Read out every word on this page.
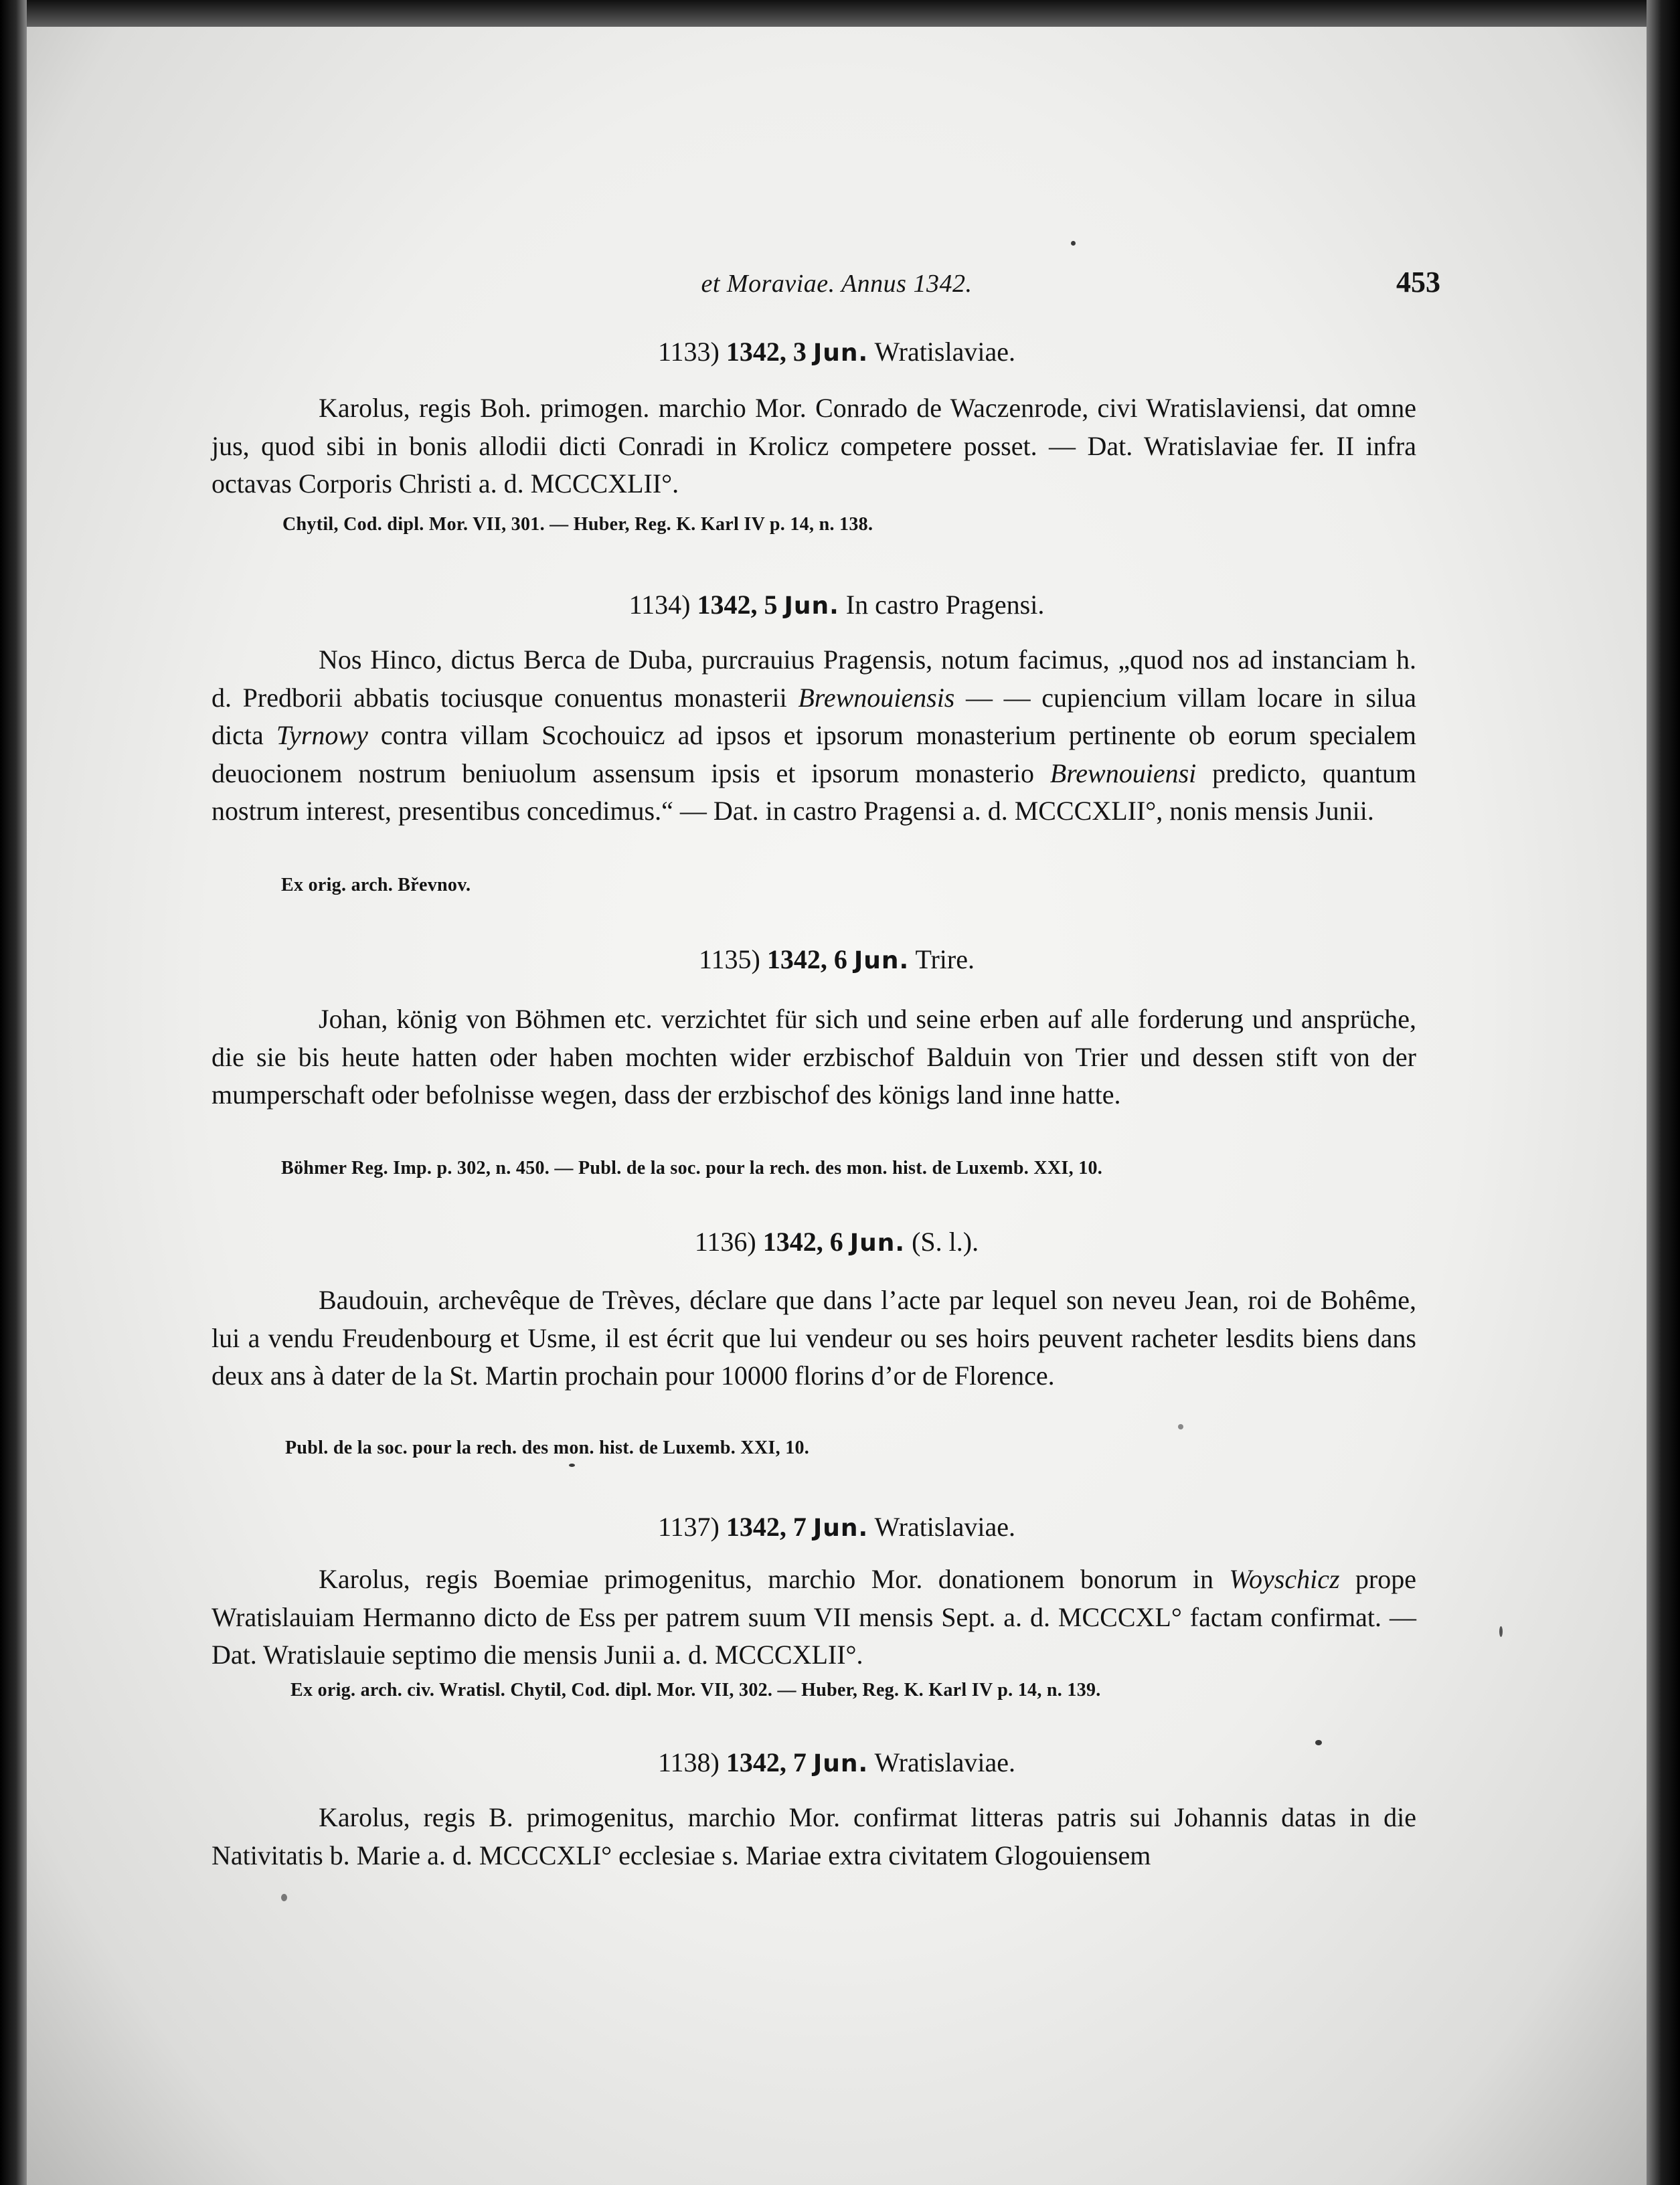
et Moraviae. Annus 1342.	453
1133) 1342, 3 Jun. Wratislaviae.
Karolus, regis Boh. primogen. marchio Mor. Conrado de Waczenrode, civi Wratislaviensi, dat omne jus, quod sibi in bonis allodii dicti Conradi in Krolicz competere posset. — Dat. Wratislaviae fer. II infra octavas Corporis Christi a. d. MCCCXLII°.
Chytil, Cod. dipl. Mor. VII, 301. — Huber, Reg. K. Karl IV p. 14, n. 138.
1134) 1342, 5 Jun. In castro Pragensi.
Nos Hinco, dictus Berca de Duba, purcrauius Pragensis, notum facimus, „quod nos ad instanciam h. d. Predborii abbatis tociusque conuentus monasterii Brewnouiensis — — cupiencium villam locare in silua dicta Tyrnowy contra villam Scochouicz ad ipsos et ipsorum monasterium pertinente ob eorum specialem deuocionem nostrum beniuolum assensum ipsis et ipsorum monasterio Brewnouiensi predicto, quantum nostrum interest, presentibus concedimus.“ — Dat. in castro Pragensi a. d. MCCCXLII°, nonis mensis Junii.
Ex orig. arch. Břevnov.
1135) 1342, 6 Jun. Trire.
Johan, könig von Böhmen etc. verzichtet für sich und seine erben auf alle forderung und ansprüche, die sie bis heute hatten oder haben mochten wider erzbischof Balduin von Trier und dessen stift von der mumperschaft oder befolnisse wegen, dass der erzbischof des königs land inne hatte.
Böhmer Reg. Imp. p. 302, n. 450. — Publ. de la soc. pour la rech. des mon. hist. de Luxemb. XXI, 10.
1136) 1342, 6 Jun. (S. l.).
Baudouin, archevêque de Trèves, déclare que dans l’acte par lequel son neveu Jean, roi de Bohême, lui a vendu Freudenbourg et Usme, il est écrit que lui vendeur ou ses hoirs peuvent racheter lesdits biens dans deux ans à dater de la St. Martin prochain pour 10000 florins d’or de Florence.
Publ. de la soc. pour la rech. des mon. hist. de Luxemb. XXI, 10.
1137) 1342, 7 Jun. Wratislaviae.
Karolus, regis Boemiae primogenitus, marchio Mor. donationem bonorum in Woyschicz prope Wratislauiam Hermanno dicto de Ess per patrem suum VII mensis Sept. a. d. MCCCXL° factam confirmat. — Dat. Wratislauie septimo die mensis Junii a. d. MCCCXLII°.
Ex orig. arch. civ. Wratisl. Chytil, Cod. dipl. Mor. VII, 302. — Huber, Reg. K. Karl IV p. 14, n. 139.
1138) 1342, 7 Jun. Wratislaviae.
Karolus, regis B. primogenitus, marchio Mor. confirmat litteras patris sui Johannis datas in die Nativitatis b. Marie a. d. MCCCXLI° ecclesiae s. Mariae extra civitatem Glogouiensem
